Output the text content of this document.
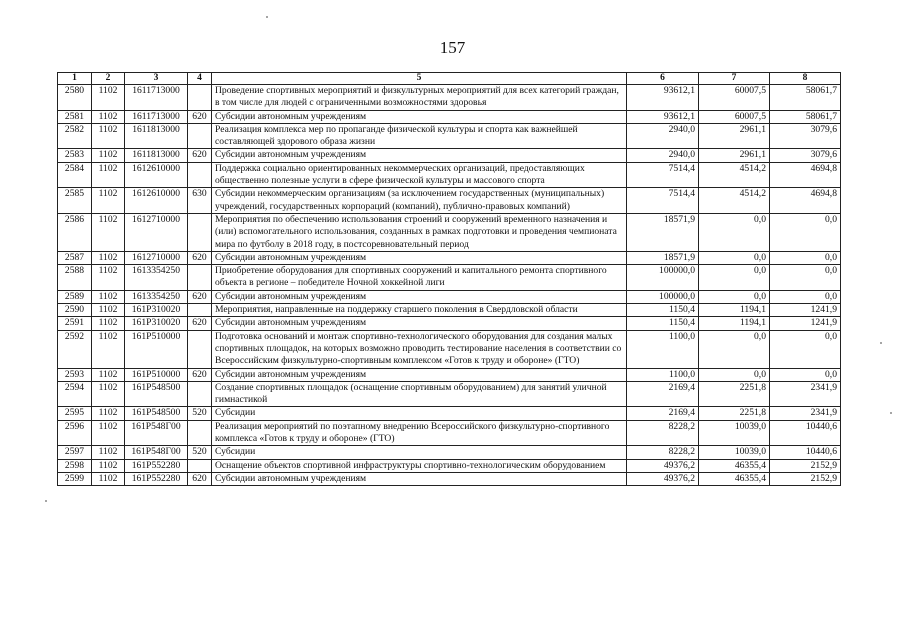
157
1	2	3	4	5	6	7	8
2580	1102	1611713000		Проведение спортивных мероприятий и физкультурных мероприятий для всех категорий граждан, в том числе для людей с ограниченными возможностями здоровья	93612,1	60007,5	58061,7
2581	1102	1611713000	620	Субсидии автономным учреждениям	93612,1	60007,5	58061,7
2582	1102	1611813000		Реализация комплекса мер по пропаганде физической культуры и спорта как важнейшей составляющей здорового образа жизни	2940,0	2961,1	3079,6
2583	1102	1611813000	620	Субсидии автономным учреждениям	2940,0	2961,1	3079,6
2584	1102	1612610000		Поддержка социально ориентированных некоммерческих организаций, предоставляющих общественно полезные услуги в сфере физической культуры и массового спорта	7514,4	4514,2	4694,8
2585	1102	1612610000	630	Субсидии некоммерческим организациям (за исключением государственных (муниципальных) учреждений, государственных корпораций (компаний), публично-правовых компаний)	7514,4	4514,2	4694,8
2586	1102	1612710000		Мероприятия по обеспечению использования строений и сооружений временного назначения и (или) вспомогательного использования, созданных в рамках подготовки и проведения чемпионата мира по футболу в 2018 году, в постсоревновательный период	18571,9	0,0	0,0
2587	1102	1612710000	620	Субсидии автономным учреждениям	18571,9	0,0	0,0
2588	1102	1613354250		Приобретение оборудования для спортивных сооружений и капитального ремонта спортивного объекта в регионе – победителе Ночной хоккейной лиги	100000,0	0,0	0,0
2589	1102	1613354250	620	Субсидии автономным учреждениям	100000,0	0,0	0,0
2590	1102	161P310020		Мероприятия, направленные на поддержку старшего поколения в Свердловской области	1150,4	1194,1	1241,9
2591	1102	161P310020	620	Субсидии автономным учреждениям	1150,4	1194,1	1241,9
2592	1102	161P510000		Подготовка оснований и монтаж спортивно-технологического оборудования для создания малых спортивных площадок, на которых возможно проводить тестирование населения в соответствии со Всероссийским физкультурно-спортивным комплексом «Готов к труду и обороне» (ГТО)	1100,0	0,0	0,0
2593	1102	161P510000	620	Субсидии автономным учреждениям	1100,0	0,0	0,0
2594	1102	161P548500		Создание спортивных площадок (оснащение спортивным оборудованием) для занятий уличной гимнастикой	2169,4	2251,8	2341,9
2595	1102	161P548500	520	Субсидии	2169,4	2251,8	2341,9
2596	1102	161P548Г00		Реализация мероприятий по поэтапному внедрению Всероссийского физкультурно-спортивного комплекса «Готов к труду и обороне» (ГТО)	8228,2	10039,0	10440,6
2597	1102	161P548Г00	520	Субсидии	8228,2	10039,0	10440,6
2598	1102	161P552280		Оснащение объектов спортивной инфраструктуры спортивно-технологическим оборудованием	49376,2	46355,4	2152,9
2599	1102	161P552280	620	Субсидии автономным учреждениям	49376,2	46355,4	2152,9
